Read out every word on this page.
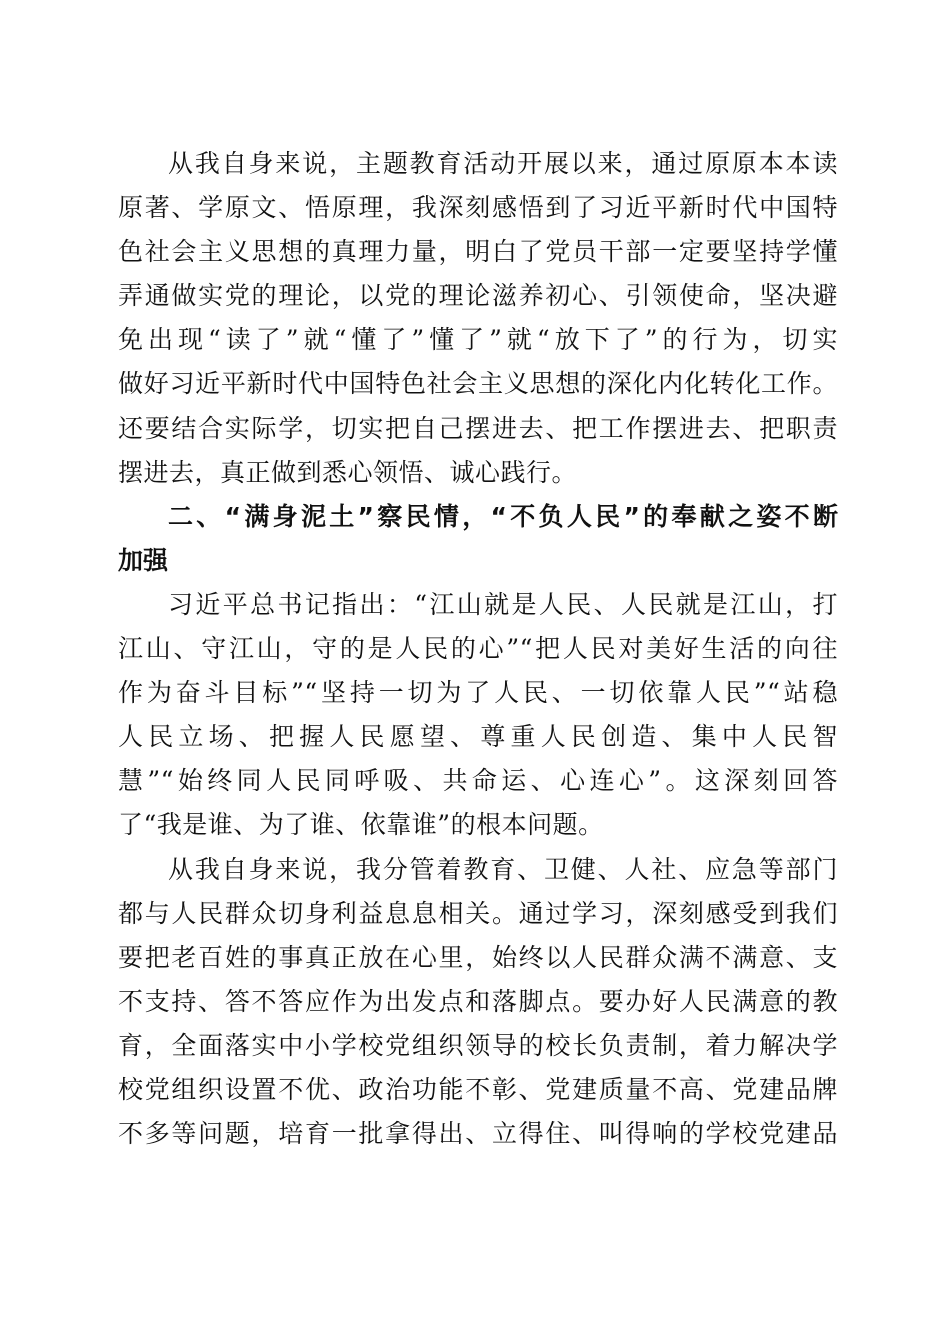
从我自身来说，主题教育活动开展以来，通过原原本本读
原著、学原文、悟原理，我深刻感悟到了习近平新时代中国特
色社会主义思想的真理力量，明白了党员干部一定要坚持学懂
弄通做实党的理论，以党的理论滋养初心、引领使命，坚决避
免出现“读了”就“懂了”懂了”就“放下了”的行为，切实
做好习近平新时代中国特色社会主义思想的深化内化转化工作。
还要结合实际学，切实把自己摆进去、把工作摆进去、把职责
摆进去，真正做到悉心领悟、诚心践行。
二、“满身泥土”察民情，“不负人民”的奉献之姿不断
加强
习近平总书记指出：“江山就是人民、人民就是江山，打
江山、守江山，守的是人民的心”“把人民对美好生活的向往
作为奋斗目标”“坚持一切为了人民、一切依靠人民”“站稳
人民立场、把握人民愿望、尊重人民创造、集中人民智
慧”“始终同人民同呼吸、共命运、心连心”。这深刻回答
了“我是谁、为了谁、依靠谁”的根本问题。
从我自身来说，我分管着教育、卫健、人社、应急等部门
都与人民群众切身利益息息相关。通过学习，深刻感受到我们
要把老百姓的事真正放在心里，始终以人民群众满不满意、支
不支持、答不答应作为出发点和落脚点。要办好人民满意的教
育，全面落实中小学校党组织领导的校长负责制，着力解决学
校党组织设置不优、政治功能不彰、党建质量不高、党建品牌
不多等问题，培育一批拿得出、立得住、叫得响的学校党建品
